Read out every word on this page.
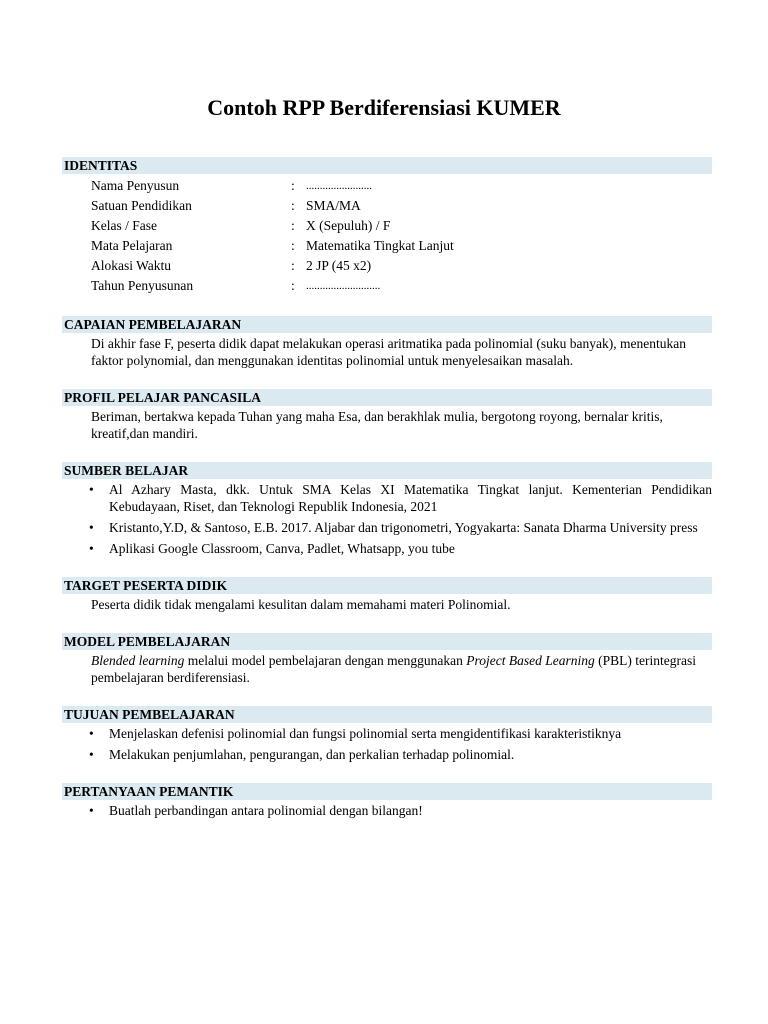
Contoh RPP Berdiferensiasi KUMER
IDENTITAS
Nama Penyusun	:	........................
Satuan Pendidikan	: SMA/MA
Kelas / Fase	: X (Sepuluh) / F
Mata Pelajaran	: Matematika Tingkat Lanjut
Alokasi Waktu	: 2 JP (45 x2)
Tahun Penyusunan	:	...........................
CAPAIAN PEMBELAJARAN
Di akhir fase F, peserta didik dapat melakukan operasi aritmatika pada polinomial (suku banyak), menentukan faktor polynomial, dan menggunakan identitas polinomial untuk menyelesaikan masalah.
PROFIL PELAJAR PANCASILA
Beriman, bertakwa kepada Tuhan yang maha Esa, dan berakhlak mulia, bergotong royong, bernalar kritis, kreatif,dan mandiri.
SUMBER BELAJAR
• Al Azhary Masta, dkk. Untuk SMA Kelas XI Matematika Tingkat lanjut. Kementerian Pendidikan Kebudayaan, Riset, dan Teknologi Republik Indonesia, 2021
• Kristanto,Y.D, & Santoso, E.B. 2017. Aljabar dan trigonometri, Yogyakarta: Sanata Dharma University press
• Aplikasi Google Classroom, Canva, Padlet, Whatsapp, you tube
TARGET PESERTA DIDIK
Peserta didik tidak mengalami kesulitan dalam memahami materi Polinomial.
MODEL PEMBELAJARAN
Blended learning melalui model pembelajaran dengan menggunakan Project Based Learning (PBL) terintegrasi pembelajaran berdiferensiasi.
TUJUAN PEMBELAJARAN
• Menjelaskan defenisi polinomial dan fungsi polinomial serta mengidentifikasi karakteristiknya
• Melakukan penjumlahan, pengurangan, dan perkalian terhadap polinomial.
PERTANYAAN PEMANTIK
• Buatlah perbandingan antara polinomial dengan bilangan!
